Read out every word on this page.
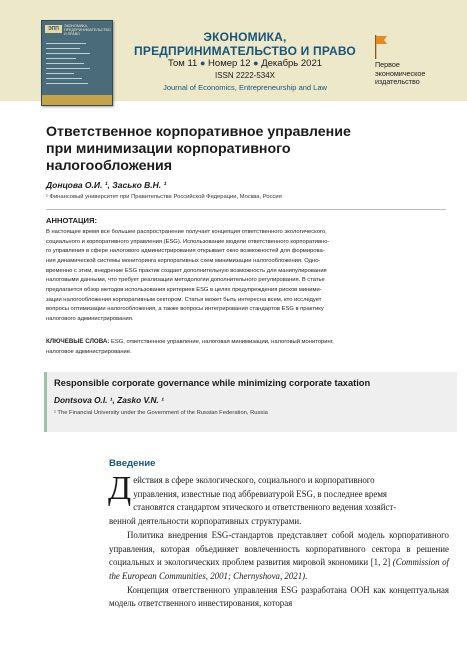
ЭПП	ЭКОНОМИКА, ПРЕДПРИНИМАТЕЛЬСТВО И ПРАВО	ЭКОНОМИКА,
ПРЕДПРИНИМАТЕЛЬСТВО И ПРАВО
Том 11 ● Номер 12 ● Декабрь 2021
ISSN 2222-534X
Journal of Economics, Entrepreneurship and Law
Первое
экономическое
издательство
Ответственное корпоративное управление
при минимизации корпоративного
налогообложения
Донцова О.И. ¹, Засько В.Н. ¹
¹ Финансовый университет при Правительстве Российской Федерации, Москва, Россия
АННОТАЦИЯ:
В настоящее время все большее распространение получает концепция ответственного экологического,
социального и корпоративного управления (ESG). Использование модели ответственного корпоративно-
го управления в сфере налогового администрирования открывает окно возможностей для формирова-
ния динамической системы мониторинга корпоративных схем минимизации налогообложения. Одно-
временно с этим, внедрение ESG практик создает дополнительную возможность для манипулирования
налоговыми данными, что требует реализации методологии дополнительного регулирования. В статье
предлагается обзор методов использования критериев ESG в целях предупреждения рисков миними-
зации налогообложения корпоративным сектором. Статья может быть интересна всем, кто исследует
вопросы оптимизации налогообложения, а также вопросы интегрирования стандартов ESG в практику
налогового администрирования.
КЛЮЧЕВЫЕ СЛОВА: ESG, ответственное управление, налоговая минимизации, налоговый мониторинг,
налоговое администрирование.
Responsible corporate governance while minimizing corporate taxation
Dontsova O.I. ¹, Zasko V.N. ¹
¹ The Financial University under the Government of the Russian Federation, Russia
Введение

Д ействия в сфере экологического, социального и корпоративного
управления, известные под аббревиатурой ESG, в последнее время
становятся стандартом этического и ответственного ведения хозяйст-
венной деятельности корпоративных структурами.

Политика внедрения ESG-стандартов представляет собой модель корпоративного управления, которая объединяет вовлеченность корпоративного сектора в решение социальных и экологических проблем развития мировой экономики [1, 2] (Commission of the European Communities, 2001; Chernyshova, 2021).

Концепция ответственного управления ESG разработана ООН как концептуальная модель ответственного инвестирования, которая
